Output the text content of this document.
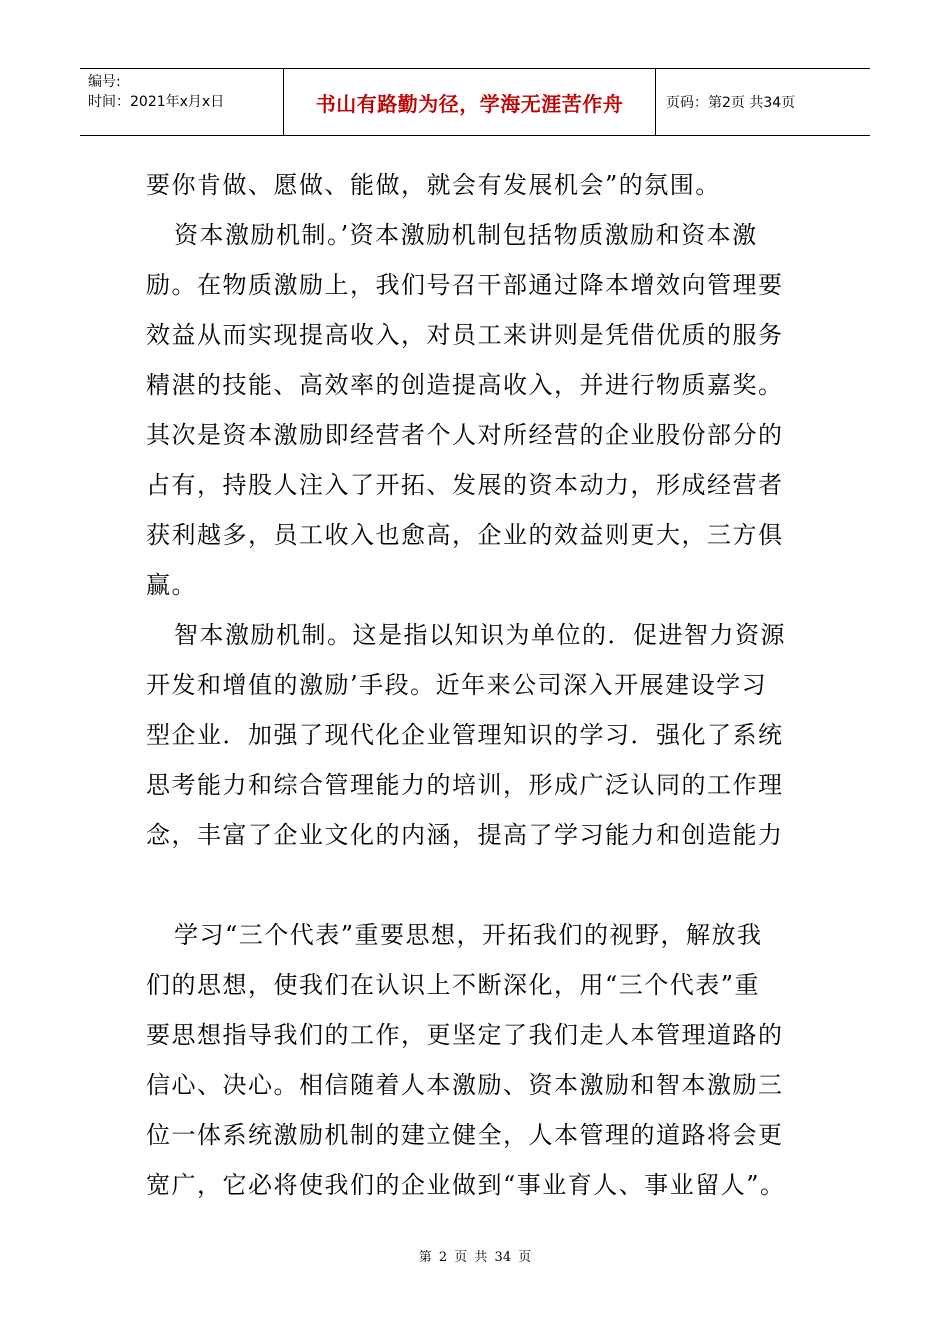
编号:
时间：2021年x月x日	书山有路勤为径，学海无涯苦作舟	页码：第2页 共34页
要你肯做、愿做、能做，就会有发展机会”的氛围。
资本激励机制。’资本激励机制包括物质激励和资本激
励。在物质激励上，我们号召干部通过降本增效向管理要
效益从而实现提高收入，对员工来讲则是凭借优质的服务
精湛的技能、高效率的创造提高收入，并进行物质嘉奖。
其次是资本激励即经营者个人对所经营的企业股份部分的
占有，持股人注入了开拓、发展的资本动力，形成经营者
获利越多，员工收入也愈高，企业的效益则更大，三方俱
赢。
智本激励机制。这是指以知识为单位的．促进智力资源
开发和增值的激励’手段。近年来公司深入开展建设学习
型企业．加强了现代化企业管理知识的学习．强化了系统
思考能力和综合管理能力的培训，形成广泛认同的工作理
念，丰富了企业文化的内涵，提高了学习能力和创造能力
学习“三个代表”重要思想，开拓我们的视野，解放我
们的思想，使我们在认识上不断深化，用“三个代表”重
要思想指导我们的工作，更坚定了我们走人本管理道路的
信心、决心。相信随着人本激励、资本激励和智本激励三
位一体系统激励机制的建立健全，人本管理的道路将会更
宽广，它必将使我们的企业做到“事业育人、事业留人”。
第 2 页 共 34 页
